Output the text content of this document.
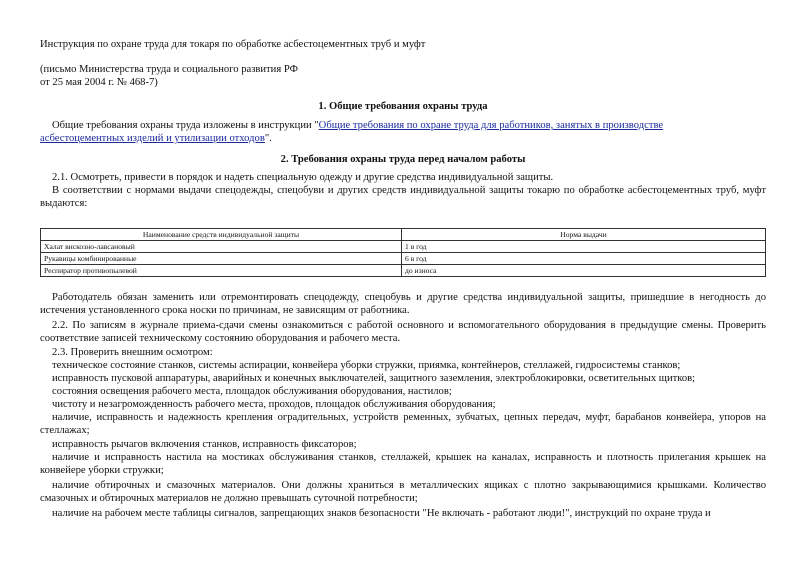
Инструкция по охране труда для токаря по обработке асбестоцементных труб и муфт
(письмо Министерства труда и социального развития РФ
от 25 мая 2004 г. № 468-7)
1. Общие требования охраны труда
Общие требования охраны труда изложены в инструкции "Общие требования по охране труда для работников, занятых в производстве
асбестоцементных изделий и утилизации отходов".
2. Требования охраны труда перед началом работы
2.1. Осмотреть, привести в порядок и надеть специальную одежду и другие средства индивидуальной защиты.
В соответствии с нормами выдачи спецодежды, спецобуви и других средств индивидуальной защиты токарю по обработке асбестоцементных труб, муфт выдаются:
Наименование средств индивидуальной защиты	Норма выдачи
Халат вискозно-лавсановый	1 в год
Рукавицы комбинированные	6 в год
Респиратор противопылевой	до износа
Работодатель обязан заменить или отремонтировать спецодежду, спецобувь и другие средства индивидуальной защиты, пришедшие в негодность до истечения установленного срока носки по причинам, не зависящим от работника.
2.2. По записям в журнале приема-сдачи смены ознакомиться с работой основного и вспомогательного оборудования в предыдущие смены. Проверить соответствие записей техническому состоянию оборудования и рабочего места.
2.3. Проверить внешним осмотром:
техническое состояние станков, системы аспирации, конвейера уборки стружки, приямка, контейнеров, стеллажей, гидросистемы станков;
исправность пусковой аппаратуры, аварийных и конечных выключателей, защитного заземления, электроблокировки, осветительных щитков;
состояния освещения рабочего места, площадок обслуживания оборудования, настилов;
чистоту и незагроможденность рабочего места, проходов, площадок обслуживания оборудования;
наличие, исправность и надежность крепления оградительных, устройств ременных, зубчатых, цепных передач, муфт, барабанов конвейера, упоров на стеллажах;
исправность рычагов включения станков, исправность фиксаторов;
наличие и исправность настила на мостиках обслуживания станков, стеллажей, крышек на каналах, исправность и плотность прилегания крышек на конвейере уборки стружки;
наличие обтирочных и смазочных материалов. Они должны храниться в металлических ящиках с плотно закрывающимися крышками. Количество смазочных и обтирочных материалов не должно превышать суточной потребности;
наличие на рабочем месте таблицы сигналов, запрещающих знаков безопасности "Не включать - работают люди!", инструкций по охране труда и
